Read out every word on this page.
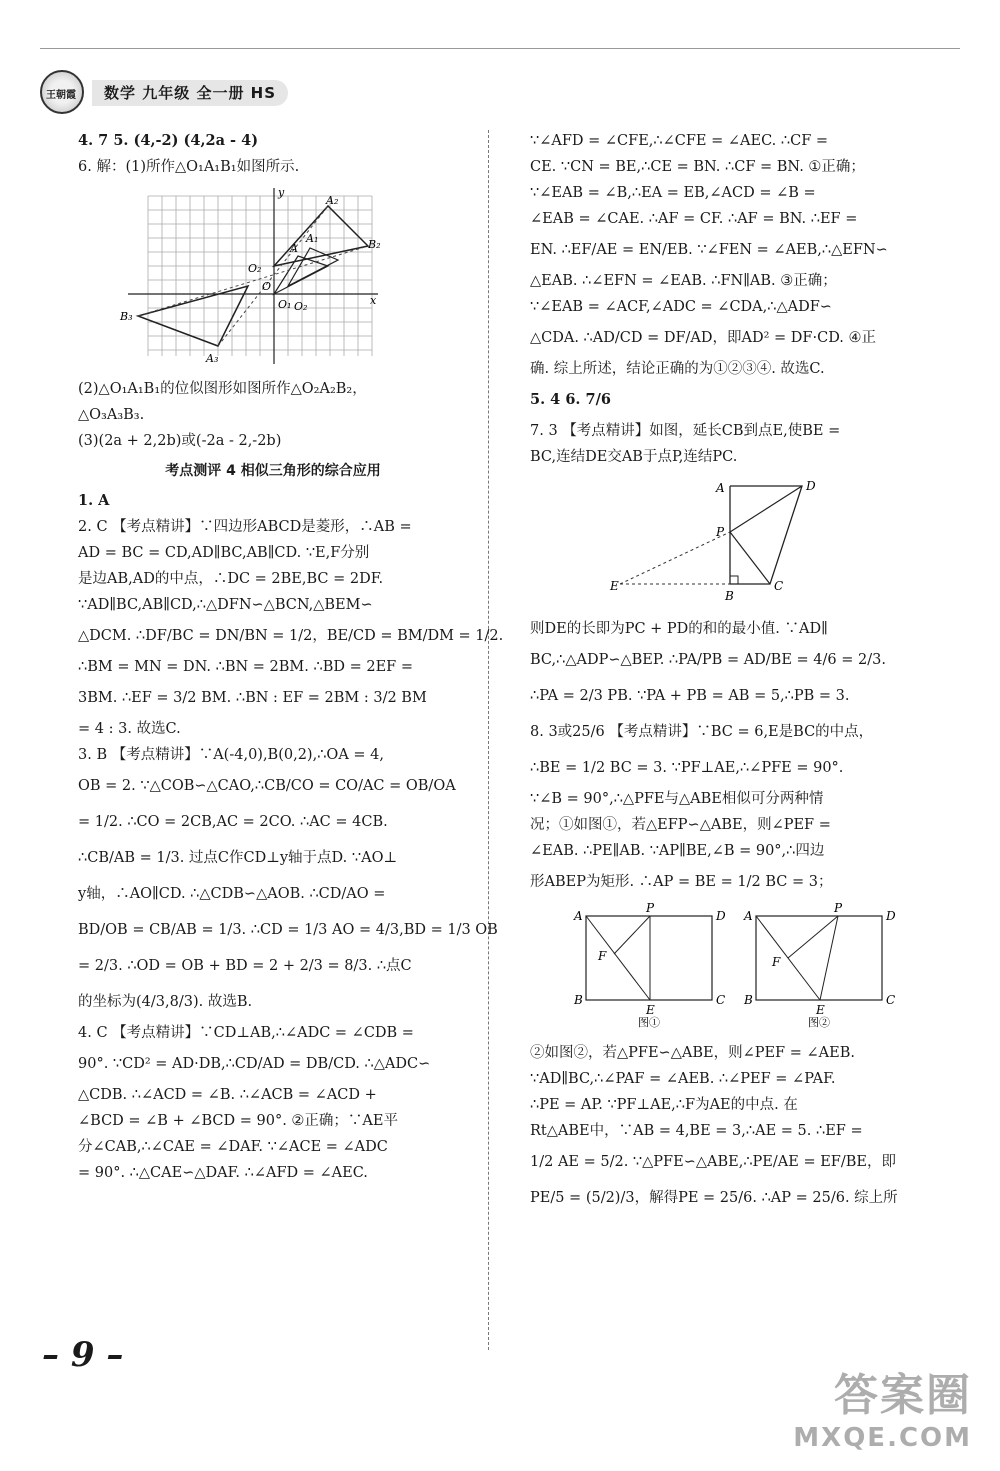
王朝霞	数学 九年级 全一册 HS
4. 7 5. (4,-2) (4,2a - 4)
6. 解：(1)所作△O₁A₁B₁如图所示.
y
x
A₂
B₂
A
A₁
O₂
O
O₁ O₂
B₃
A₃
(2)△O₁A₁B₁的位似图形如图所作△O₂A₂B₂，
△O₃A₃B₃.
(3)(2a + 2,2b)或(-2a - 2,-2b)
考点测评 4 相似三角形的综合应用
1. A
2. C 【考点精讲】∵四边形ABCD是菱形，∴AB =
AD = BC = CD,AD∥BC,AB∥CD. ∵E,F分别
是边AB,AD的中点，∴DC = 2BE,BC = 2DF.
∵AD∥BC,AB∥CD,∴△DFN∽△BCN,△BEM∽
△DCM. ∴DF/BC = DN/BN = 1/2，BE/CD = BM/DM = 1/2.
∴BM = MN = DN. ∴BN = 2BM. ∴BD = 2EF =
3BM. ∴EF = 3/2 BM. ∴BN : EF = 2BM : 3/2 BM
= 4 : 3. 故选C.
3. B 【考点精讲】∵A(-4,0),B(0,2),∴OA = 4,
OB = 2. ∵△COB∽△CAO,∴CB/CO = CO/AC = OB/OA
= 1/2. ∴CO = 2CB,AC = 2CO. ∴AC = 4CB.
∴CB/AB = 1/3. 过点C作CD⊥y轴于点D. ∵AO⊥
y轴，∴AO∥CD. ∴△CDB∽△AOB. ∴CD/AO =
BD/OB = CB/AB = 1/3. ∴CD = 1/3 AO = 4/3,BD = 1/3 OB
= 2/3. ∴OD = OB + BD = 2 + 2/3 = 8/3. ∴点C
的坐标为(4/3,8/3). 故选B.
4. C 【考点精讲】∵CD⊥AB,∴∠ADC = ∠CDB =
90°. ∵CD² = AD·DB,∴CD/AD = DB/CD. ∴△ADC∽
△CDB. ∴∠ACD = ∠B. ∴∠ACB = ∠ACD +
∠BCD = ∠B + ∠BCD = 90°. ②正确；∵AE平
分∠CAB,∴∠CAE = ∠DAF. ∵∠ACE = ∠ADC
= 90°. ∴△CAE∽△DAF. ∴∠AFD = ∠AEC.
∵∠AFD = ∠CFE,∴∠CFE = ∠AEC. ∴CF =
CE. ∵CN = BE,∴CE = BN. ∴CF = BN. ①正确；
∵∠EAB = ∠B,∴EA = EB,∠ACD = ∠B =
∠EAB = ∠CAE. ∴AF = CF. ∴AF = BN. ∴EF =
EN. ∴EF/AE = EN/EB. ∵∠FEN = ∠AEB,∴△EFN∽
△EAB. ∴∠EFN = ∠EAB. ∴FN∥AB. ③正确；
∵∠EAB = ∠ACF,∠ADC = ∠CDA,∴△ADF∽
△CDA. ∴AD/CD = DF/AD，即AD² = DF·CD. ④正
确. 综上所述，结论正确的为①②③④. 故选C.
5. 4 6. 7/6
7. 3 【考点精讲】如图，延长CB到点E,使BE =
BC,连结DE交AB于点P,连结PC.
A	D
P
E
B
C
则DE的长即为PC + PD的和的最小值. ∵AD∥
BC,∴△ADP∽△BEP. ∴PA/PB = AD/BE = 4/6 = 2/3.
∴PA = 2/3 PB. ∵PA + PB = AB = 5,∴PB = 3.
8. 3或25/6 【考点精讲】∵BC = 6,E是BC的中点，
∴BE = 1/2 BC = 3. ∵PF⊥AE,∴∠PFE = 90°.
∵∠B = 90°,∴△PFE与△ABE相似可分两种情
况；①如图①，若△EFP∽△ABE，则∠PEF =
∠EAB. ∴PE∥AB. ∵AP∥BE,∠B = 90°,∴四边
形ABEP为矩形. ∴AP = BE = 1/2 BC = 3；
A
P
D
F
B
E
C
图①
A
P
D
F
B
E
C
图②
②如图②，若△PFE∽△ABE，则∠PEF = ∠AEB.
∵AD∥BC,∴∠PAF = ∠AEB. ∴∠PEF = ∠PAF.
∴PE = AP. ∵PF⊥AE,∴F为AE的中点. 在
Rt△ABE中，∵AB = 4,BE = 3,∴AE = 5. ∴EF =
1/2 AE = 5/2. ∵△PFE∽△ABE,∴PE/AE = EF/BE，即
PE/5 = (5/2)/3，解得PE = 25/6. ∴AP = 25/6. 综上所
– 9 –
答案圈
MXQE.COM
